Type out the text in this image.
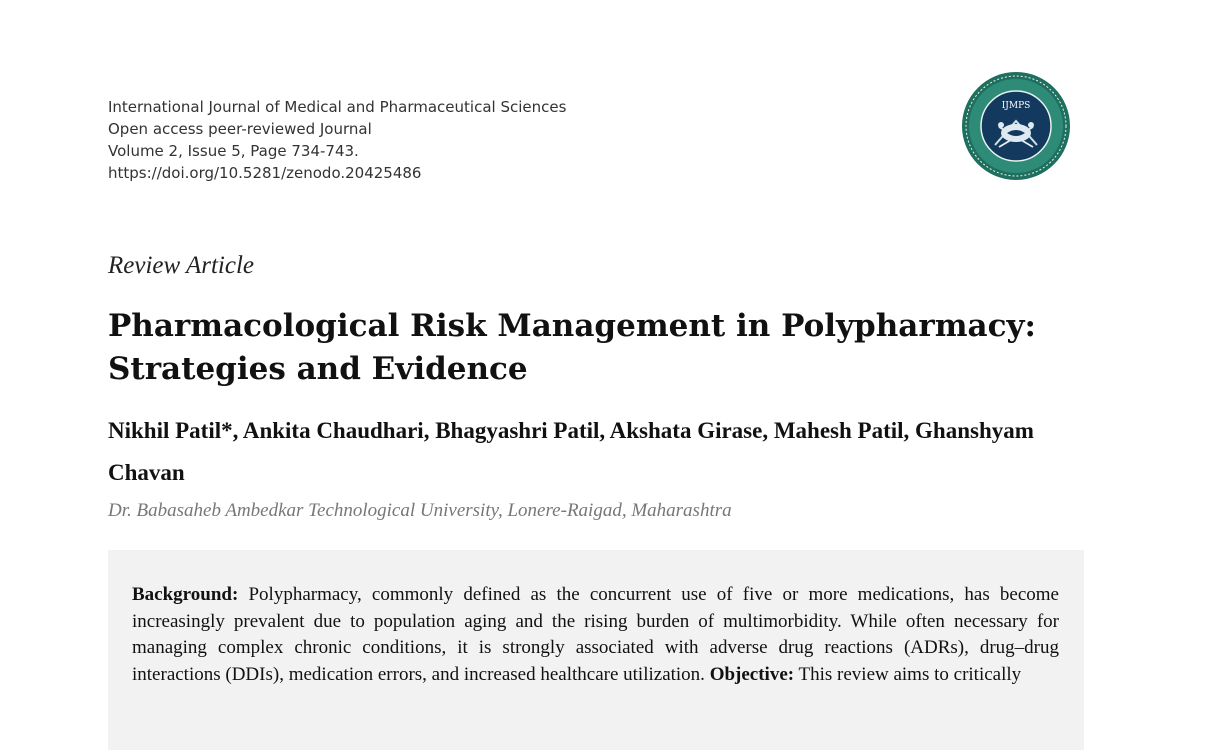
International Journal of Medical and Pharmaceutical Sciences
Open access peer-reviewed Journal
Volume 2, Issue 5, Page 734-743.
https://doi.org/10.5281/zenodo.20425486
IJMPS
Review Article
Pharmacological Risk Management in Polypharmacy:
Strategies and Evidence
Nikhil Patil*, Ankita Chaudhari, Bhagyashri Patil, Akshata Girase, Mahesh Patil, Ghanshyam Chavan
Dr. Babasaheb Ambedkar Technological University, Lonere-Raigad, Maharashtra
Background: Polypharmacy, commonly defined as the concurrent use of five or more medications, has become increasingly prevalent due to population aging and the rising burden of multimorbidity. While often necessary for managing complex chronic conditions, it is strongly associated with adverse drug reactions (ADRs), drug–drug interactions (DDIs), medication errors, and increased healthcare utilization. Objective: This review aims to critically
